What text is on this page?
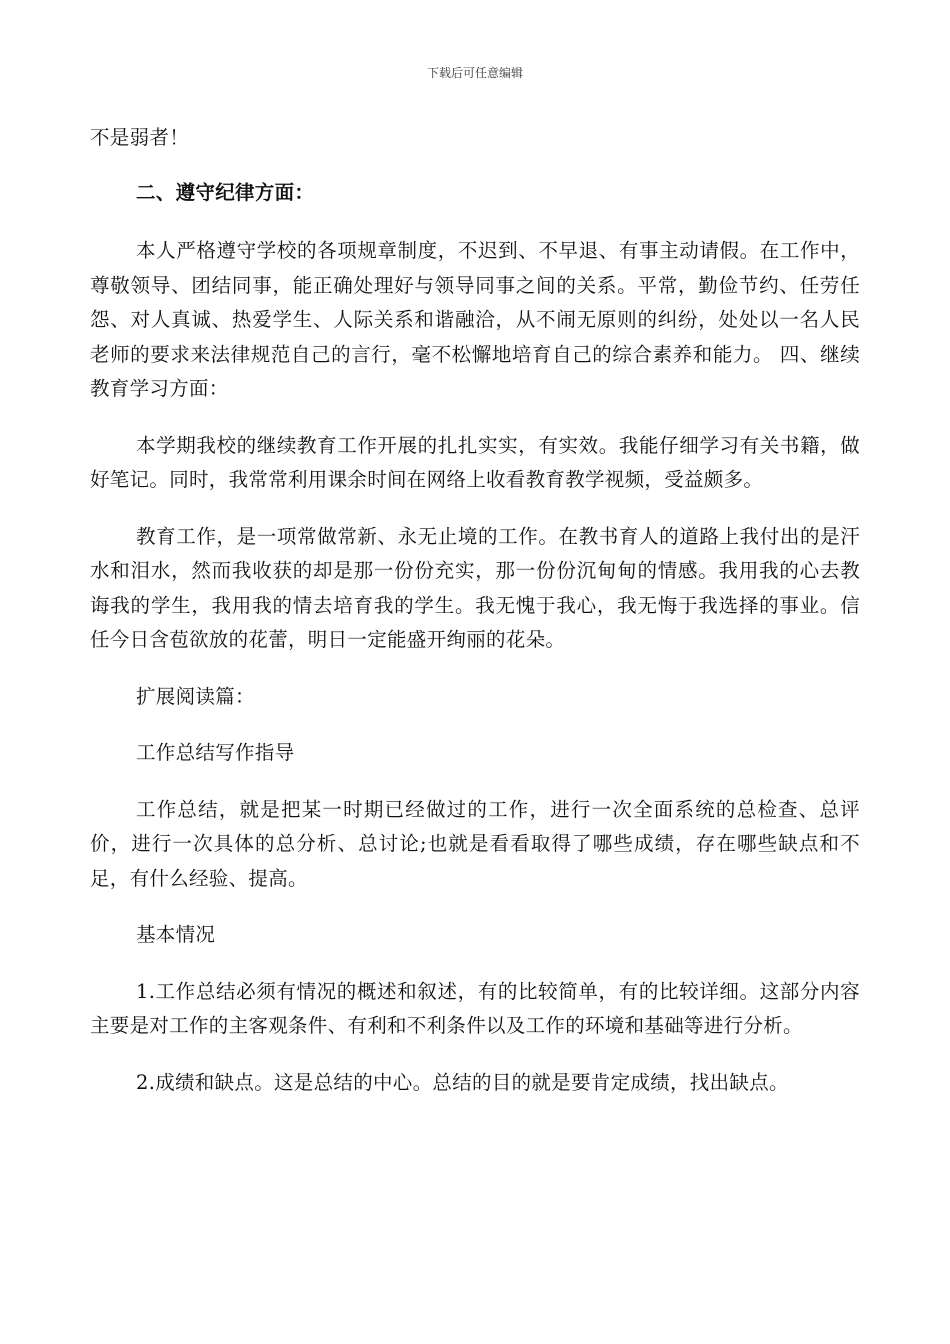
下载后可任意编辑

不是弱者！

二、遵守纪律方面：

本人严格遵守学校的各项规章制度，不迟到、不早退、有事主动请假。在工作中，尊敬领导、团结同事，能正确处理好与领导同事之间的关系。平常，勤俭节约、任劳任怨、对人真诚、热爱学生、人际关系和谐融洽，从不闹无原则的纠纷，处处以一名人民老师的要求来法律规范自己的言行，毫不松懈地培育自己的综合素养和能力。 四、继续教育学习方面：

本学期我校的继续教育工作开展的扎扎实实，有实效。我能仔细学习有关书籍，做好笔记。同时，我常常利用课余时间在网络上收看教育教学视频，受益颇多。

教育工作，是一项常做常新、永无止境的工作。在教书育人的道路上我付出的是汗水和泪水，然而我收获的却是那一份份充实，那一份份沉甸甸的情感。我用我的心去教诲我的学生，我用我的情去培育我的学生。我无愧于我心，我无悔于我选择的事业。信任今日含苞欲放的花蕾，明日一定能盛开绚丽的花朵。

扩展阅读篇：

工作总结写作指导

工作总结，就是把某一时期已经做过的工作，进行一次全面系统的总检查、总评价，进行一次具体的总分析、总讨论;也就是看看取得了哪些成绩，存在哪些缺点和不足，有什么经验、提高。

基本情况

1.工作总结必须有情况的概述和叙述，有的比较简单，有的比较详细。这部分内容主要是对工作的主客观条件、有利和不利条件以及工作的环境和基础等进行分析。

2.成绩和缺点。这是总结的中心。总结的目的就是要肯定成绩，找出缺点。
